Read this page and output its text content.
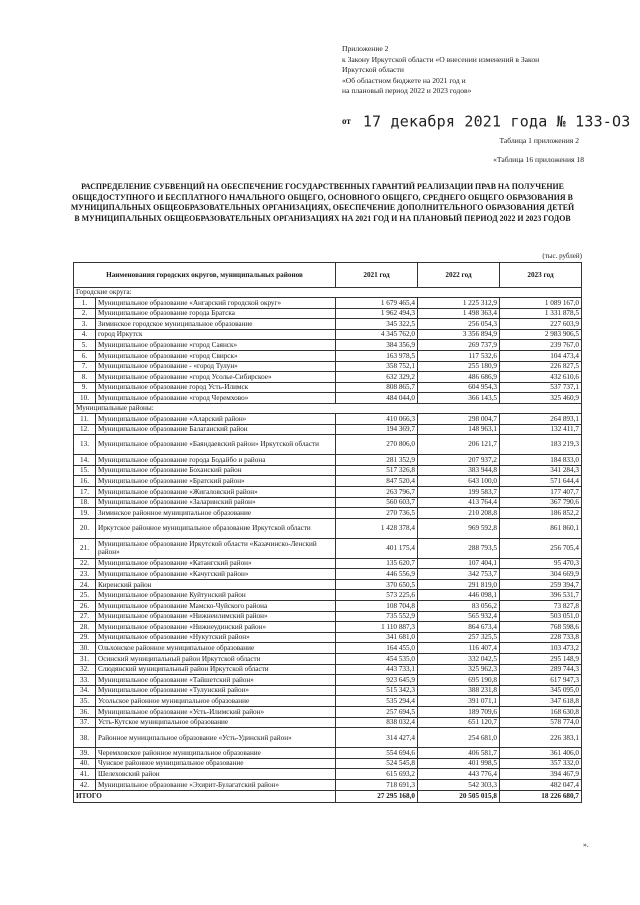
Приложение 2
к Закону Иркутской области «О внесении изменений в Закон
Иркутской области
«Об областном бюджете на 2021 год и
на плановый период 2022 и 2023 годов»
от 17 декабря 2021 года № 133-ОЗ
Таблица 1 приложения 2
«Таблица 16 приложения 18
РАСПРЕДЕЛЕНИЕ СУБВЕНЦИЙ НА ОБЕСПЕЧЕНИЕ ГОСУДАРСТВЕННЫХ ГАРАНТИЙ РЕАЛИЗАЦИИ ПРАВ НА ПОЛУЧЕНИЕ ОБЩЕДОСТУПНОГО И БЕСПЛАТНОГО НАЧАЛЬНОГО ОБЩЕГО, ОСНОВНОГО ОБЩЕГО, СРЕДНЕГО ОБЩЕГО ОБРАЗОВАНИЯ В МУНИЦИПАЛЬНЫХ ОБЩЕОБРАЗОВАТЕЛЬНЫХ ОРГАНИЗАЦИЯХ, ОБЕСПЕЧЕНИЕ ДОПОЛНИТЕЛЬНОГО ОБРАЗОВАНИЯ ДЕТЕЙ В МУНИЦИПАЛЬНЫХ ОБЩЕОБРАЗОВАТЕЛЬНЫХ ОРГАНИЗАЦИЯХ НА 2021 ГОД И НА ПЛАНОВЫЙ ПЕРИОД 2022 И 2023 ГОДОВ
(тыс. рублей)
Наименования городских округов, муниципальных районов		2021 год	2022 год	2023 год
Городские округа:				
1.	Муниципальное образование «Ангарский городской округ»	1 679 465,4	1 225 312,9	1 089 167,0
2.	Муниципальное образование города Братска	1 962 494,3	1 498 363,4	1 331 878,5
3.	Зиминское городское муниципальное образование	345 322,5	256 054,3	227 603,9
4.	город Иркутск	4 345 762,0	3 356 894,9	2 983 906,5
5.	Муниципальное образование «город Саянск»	384 356,9	269 737,9	239 767,0
6.	Муниципальное образование «город Свирск»	163 978,5	117 532,6	104 473,4
7.	Муниципальное образование - «город Тулун»	358 752,1	255 180,9	226 827,5
8.	Муниципальное образование «город Усолье-Сибирское»	632 329,2	486 686,9	432 610,6
9.	Муниципальное образование город Усть-Илимск	808 865,7	604 954,3	537 737,1
10.	Муниципальное образование «город Черемхово»	484 044,0	366 143,5	325 460,9
Муниципальные районы:				
11.	Муниципальное образование «Аларский район»	410 066,3	298 004,7	264 893,1
12.	Муниципальное образование Балаганский район	194 369,7	148 963,1	132 411,7
13.	Муниципальное образование «Баяндаевский район» Иркутской области	270 806,0	206 121,7	183 219,3
14.	Муниципальное образование города Бодайбо и района	281 352,9	207 937,2	184 833,0
15.	Муниципальное образование Боханский район	517 326,8	383 944,8	341 284,3
16.	Муниципальное образование «Братский район»	847 520,4	643 100,0	571 644,4
17.	Муниципальное образование «Жигаловский район»	263 796,7	199 583,7	177 407,7
18.	Муниципальное образование «Заларинский район»	560 603,7	413 764,4	367 790,6
19.	Зиминское районное муниципальное образование	270 736,5	210 208,8	186 852,2
20.	Иркутское районное муниципальное образование Иркутской области	1 428 378,4	969 592,8	861 860,1
21.	Муниципальное образование Иркутской области «Казачинско-Ленский район»	401 175,4	288 793,5	256 705,4
22.	Муниципальное образование «Катангский район»	135 620,7	107 404,1	95 470,3
23.	Муниципальное образование «Качугский район»	446 556,9	342 753,7	304 669,9
24.	Киренский район	370 650,5	291 819,0	259 394,7
25.	Муниципальное образование Куйтунский район	573 225,6	446 098,1	396 531,7
26.	Муниципальное образование Мамско-Чуйского района	108 704,8	83 056,2	73 827,8
27.	Муниципальное образование «Нижнеилимский район»	735 552,9	565 932,4	503 051,0
28.	Муниципальное образование «Нижнеудинский район»	1 110 887,3	864 673,4	768 598,6
29.	Муниципальное образование «Нукутский район»	341 681,0	257 325,5	228 733,8
30.	Ольхонское районное муниципальное образование	164 455,0	116 407,4	103 473,2
31.	Осинский муниципальный район Иркутской области	454 535,0	332 042,5	295 148,9
32.	Слюдянский муниципальный район Иркутской области	443 733,1	325 962,3	289 744,3
33.	Муниципальное образование «Тайшетский район»	923 645,9	695 190,8	617 947,3
34.	Муниципальное образование «Тулунский район»	515 342,3	388 231,8	345 095,0
35.	Усольское районное муниципальное образование	535 294,4	391 071,1	347 618,8
36.	Муниципальное образование «Усть-Илимский район»	257 694,5	189 709,6	168 630,8
37.	Усть-Кутское муниципальное образование	838 032,4	651 120,7	578 774,0
38.	Районное муниципальное образование «Усть-Удинский район»	314 427,4	254 681,0	226 383,1
39.	Черемховское районное муниципальное образование	554 694,6	406 581,7	361 406,0
40.	Чунское районное муниципальное образование	524 545,8	401 998,5	357 332,0
41.	Шелеховский район	615 693,2	443 776,4	394 467,9
42.	Муниципальное образование «Эхирит-Булагатский район»	718 691,3	542 303,3	482 047,4
ИТОГО		27 295 168,0	20 505 015,8	18 226 680,7
».
